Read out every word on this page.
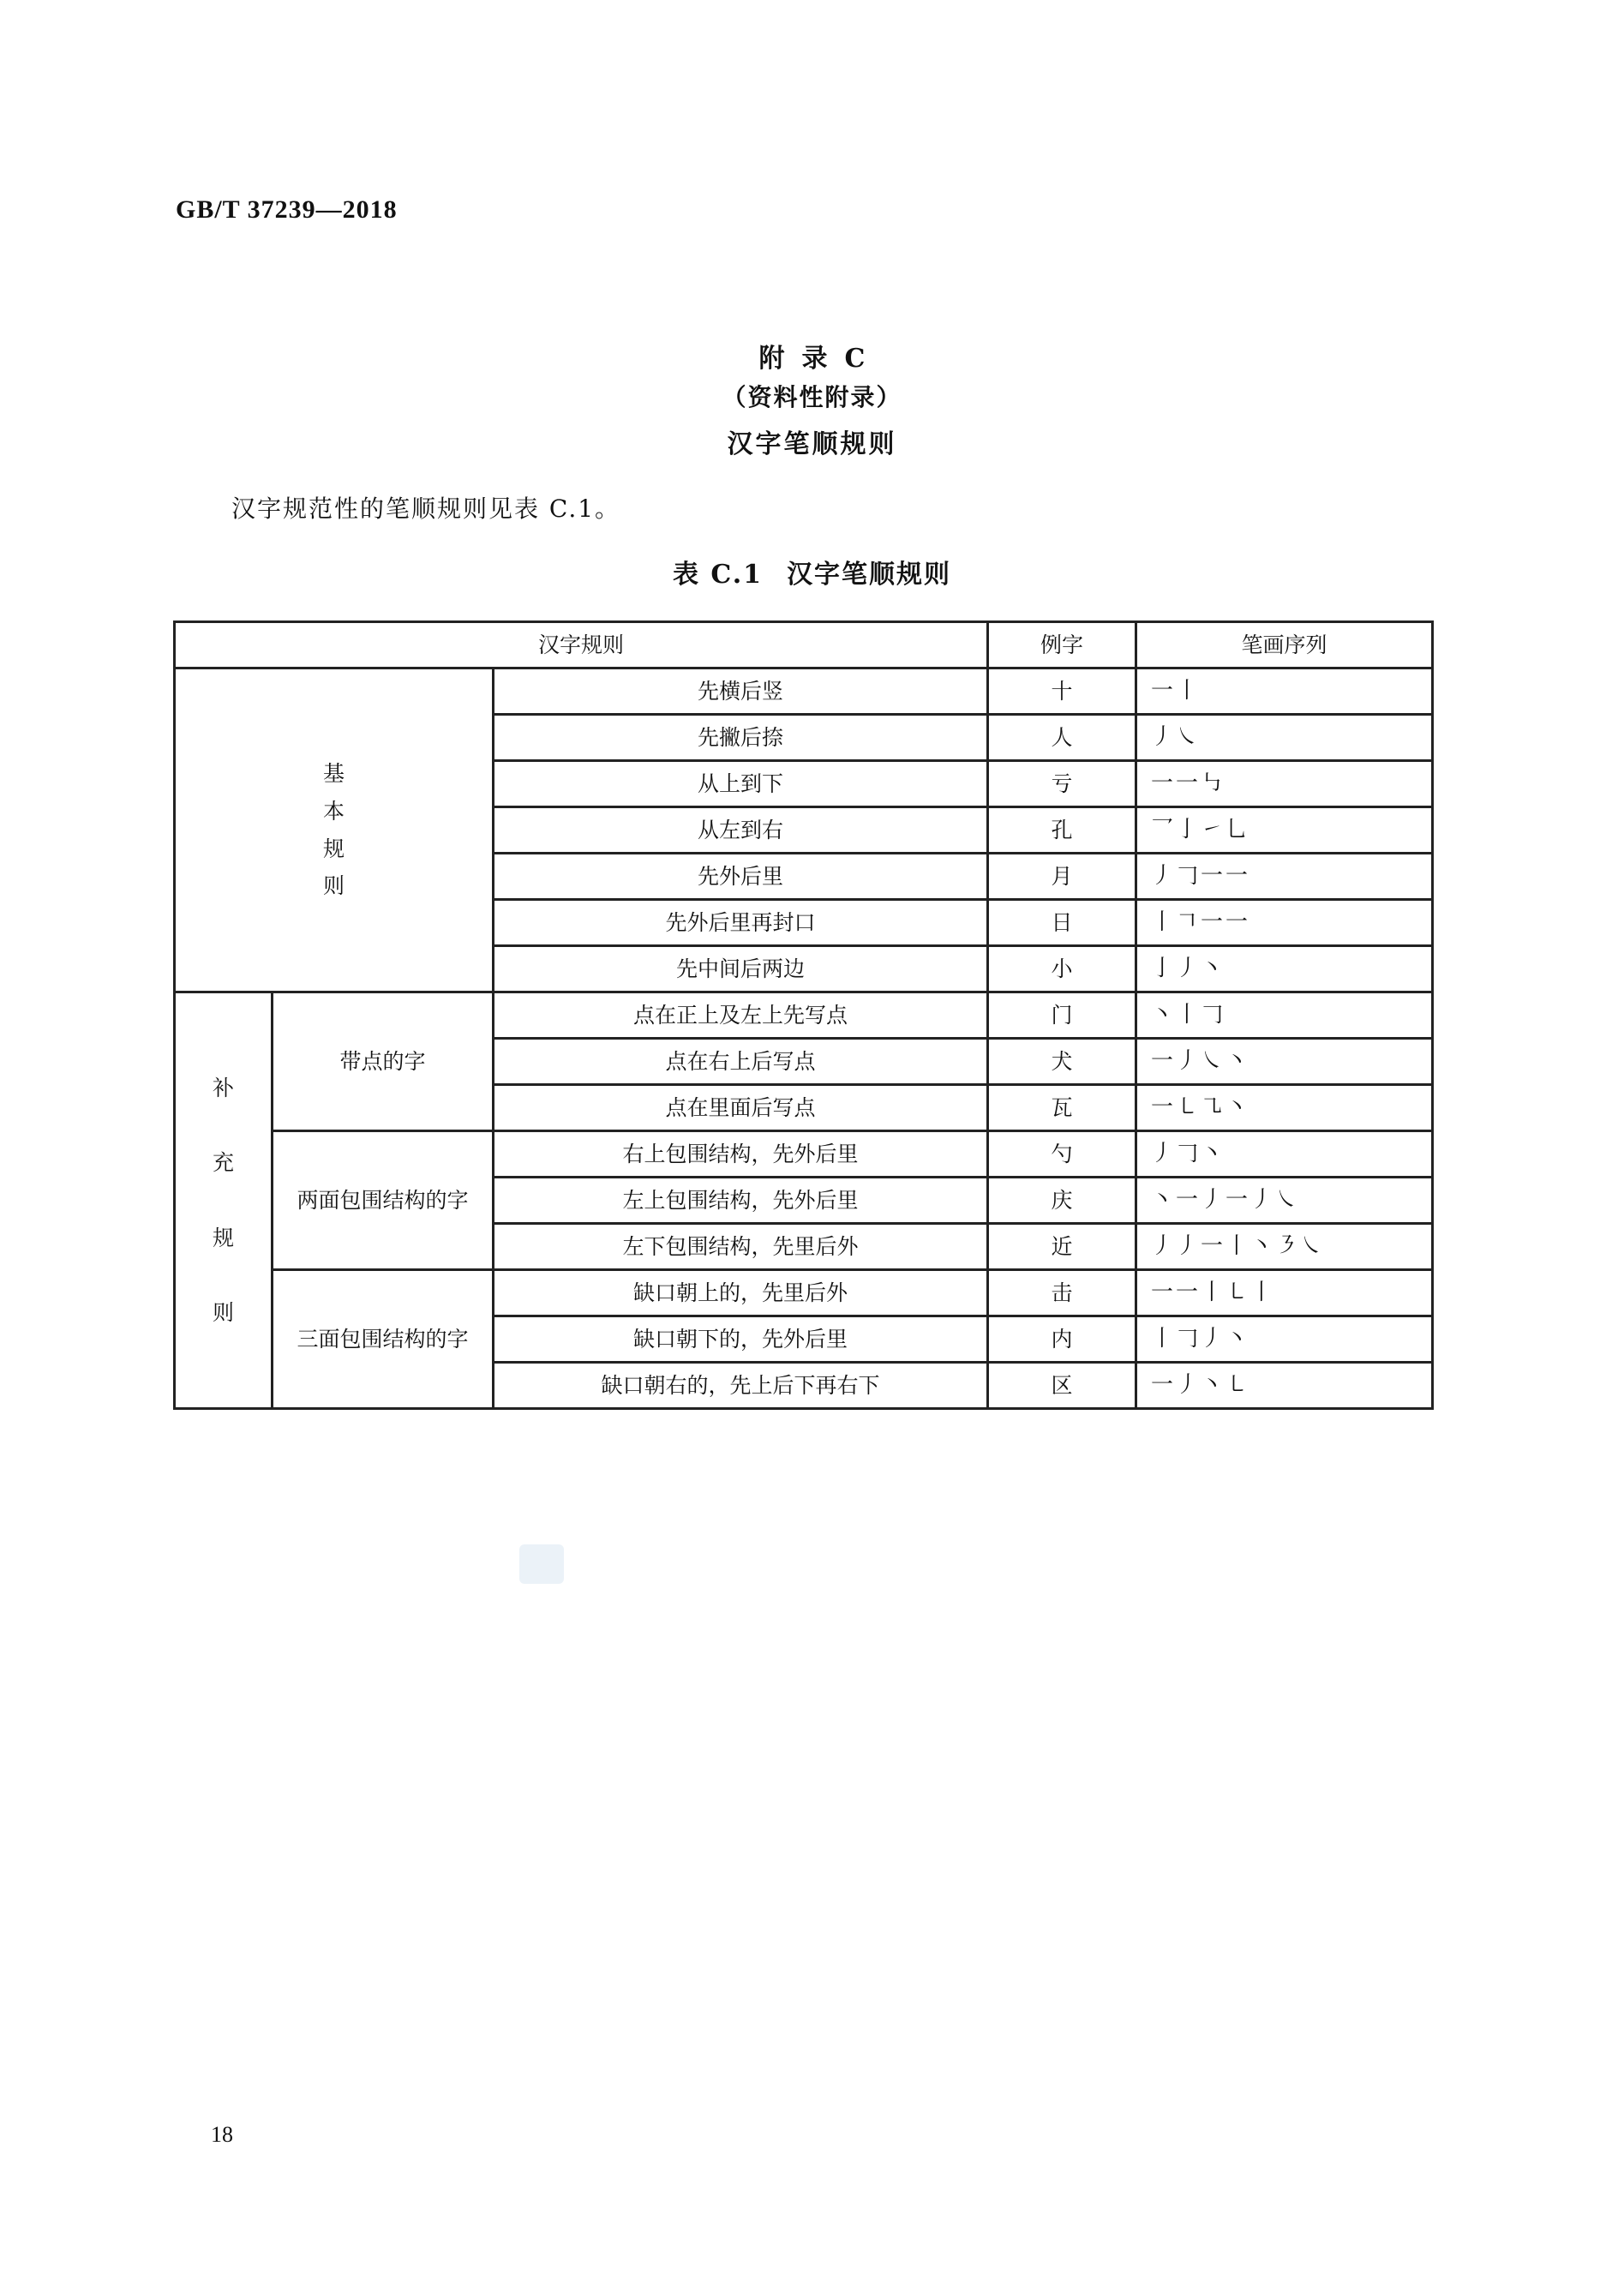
GB/T 37239—2018
附录C
（资料性附录）
汉字笔顺规则
汉字规范性的笔顺规则见表 C.1。
表 C.1 汉字笔顺规则
汉字规则			例字	笔画序列
基本规则		先横后竖	十	一丨
		先撇后捺	人	丿㇏
		从上到下	亏	一一㇉
		从左到右	孔	乛亅㇀乚
		先外后里	月	丿𠃌一一
		先外后里再封口	日	丨𠃍一一
		先中间后两边	小	亅丿丶
补充规则	带点的字	点在正上及左上先写点	门	丶丨𠃌
		点在右上后写点	犬	一丿㇏丶
		点在里面后写点	瓦	一㇄㇈丶
	两面包围结构的字	右上包围结构，先外后里	勺	丿𠃌丶
		左上包围结构，先外后里	庆	丶一丿一丿㇏
		左下包围结构，先里后外	近	丿丿一丨丶㇋㇏
	三面包围结构的字	缺口朝上的，先里后外	击	一一丨㇄丨
		缺口朝下的，先外后里	内	丨𠃌丿丶
		缺口朝右的，先上后下再右下	区	一丿丶㇄
18
